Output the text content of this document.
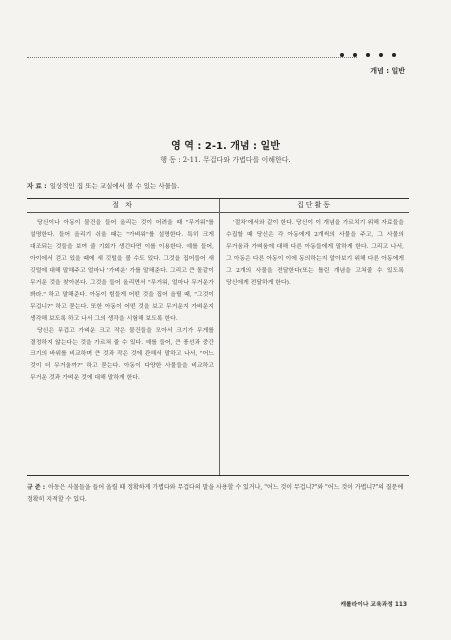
개념 : 일반
영 역 : 2-1. 개념 : 일반
행 동 : 2-11. 무겁다와 가볍다를 이해한다.
자 료 : 일상적인 집 또는 교실에서 볼 수 있는 사물들.
절 차	집단활동

당신이나 아동이 물건을 들어 올리는 것이 어려울 때 "무거워"를 설명한다. 들어 올리기 쉬울 때는 "가벼워"를 설명한다. 특히 크게 대조되는 것들을 보여 줄 기회가 생긴다면 이를 이용한다. 예를 들어, 아이에서 걷고 있을 때에 새 깃털을 볼 수도 있다. 그것을 집어들어 새 깃털에 대해 말해주고 얼마나 '가벼운' 가를 말해준다. 그리고 큰 돌같이 무거운 것을 찾아본다. 그것을 들어 올리면서 "무거워, 얼마나 무거운가 봐라." 하고 말해준다. 아동이 힘들게 어떤 것을 집어 올릴 때, "그것이 무겁니?" 하고 묻는다. 또한 아동이 어떤 것을 보고 무거운지 가벼운지 생각해 보도록 하고 나서 그의 생각을 시험해 보도록 한다.

당신은 무겁고 가벼운 크고 작은 물건들을 모아서 크기가 무게를 결정하지 않는다는 것을 가르쳐 줄 수 있다. 예를 들어, 큰 풍선과 중간 크기의 바위를 비교하며 큰 것과 작은 것에 관해서 말하고 나서, "어느 것이 더 무거울까?" 하고 묻는다. 아동이 다양한 사물들을 비교하고 무거운 것과 가벼운 것에 대해 말하게 한다.

'절차'에서와 같이 한다. 당신이 이 개념을 가르치기 위해 자료들을 수집할 때 당신은 각 아동에게 2개씩의 사물을 주고, 그 사물의 무거움과 가벼움에 대해 다른 아동들에게 말하게 한다. 그리고 나서, 그 아동은 다른 아동이 이에 동의하는지 알아보기 위해 다른 아동에게 그 2개의 사물을 전달한다(또는 틀린 개념을 고쳐줄 수 있도록 당신에게 전달하게 한다).

규 준 : 아동은 사물들을 들어 올릴 때 정확하게 가볍다와 무겁다의 말을 사용할 수 있거나, "어느 것이 무겁니?"와 "어느 것이 가볍니?"의 질문에 정확히 지적할 수 있다.
캐롤라이나 교육과정 113
